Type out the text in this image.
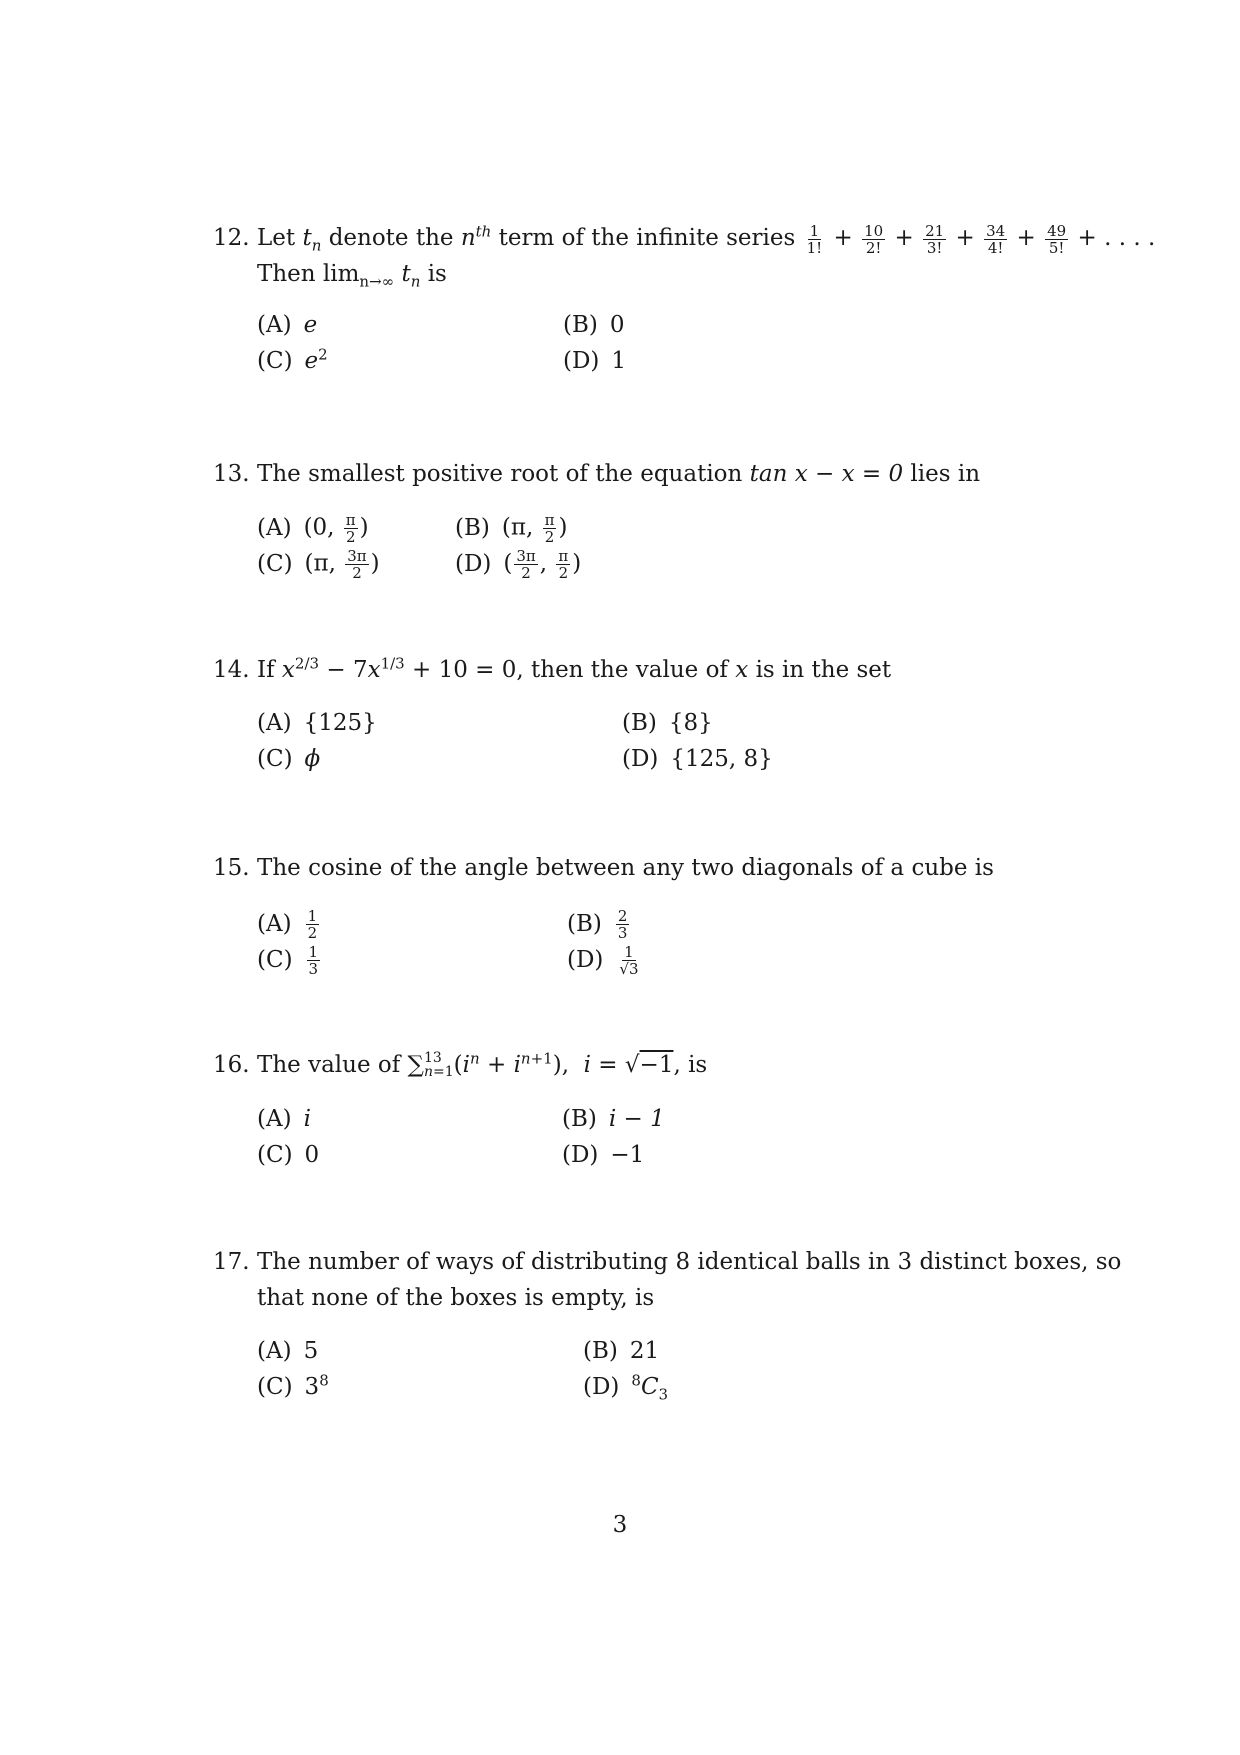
12. Let $t_n$ denote the $n^{th}$ term of the infinite series $\frac{1}{1!} + \frac{10}{2!} + \frac{21}{3!} + \frac{34}{4!} + \frac{49}{5!}$ + . . . .
Then $\lim_{n\to\infty} t_n$ is
(A) e	(B) 0
(C) $e^2$	(D) 1
13. The smallest positive root of the equation tan x − x = 0 lies in
(A) (0, $\frac{\pi}{2}$ )	(B) (π, $\frac{\pi}{2}$ )
(C) (π, $\frac{3\pi}{2}$ )	(D) ( $\frac{3\pi}{2}$ , $\frac{\pi}{2}$ )
14. If $x^{2/3} - 7x^{1/3} + 10 = 0$, then the value of x is in the set
(A) {125}	(B) {8}
(C) ϕ	(D) {125, 8}
15. The cosine of the angle between any two diagonals of a cube is
$(A) \frac{1}{2}$	$(B) \frac{2}{3}$
$(C) \frac{1}{3}$	$(D) \frac{1}{√3}$
16. The value of ∑ 13
n=1 $(i^n + i^{n+1})$,  i = √−1, is
(A) i	(B) i − 1
(C) 0	(D) −1
17. The number of ways of distributing 8 identical balls in 3 distinct boxes, so
that none of the boxes is empty, is
(A) 5	(B) 21
(C) $3^8$	(D) $^8C_3$
3
